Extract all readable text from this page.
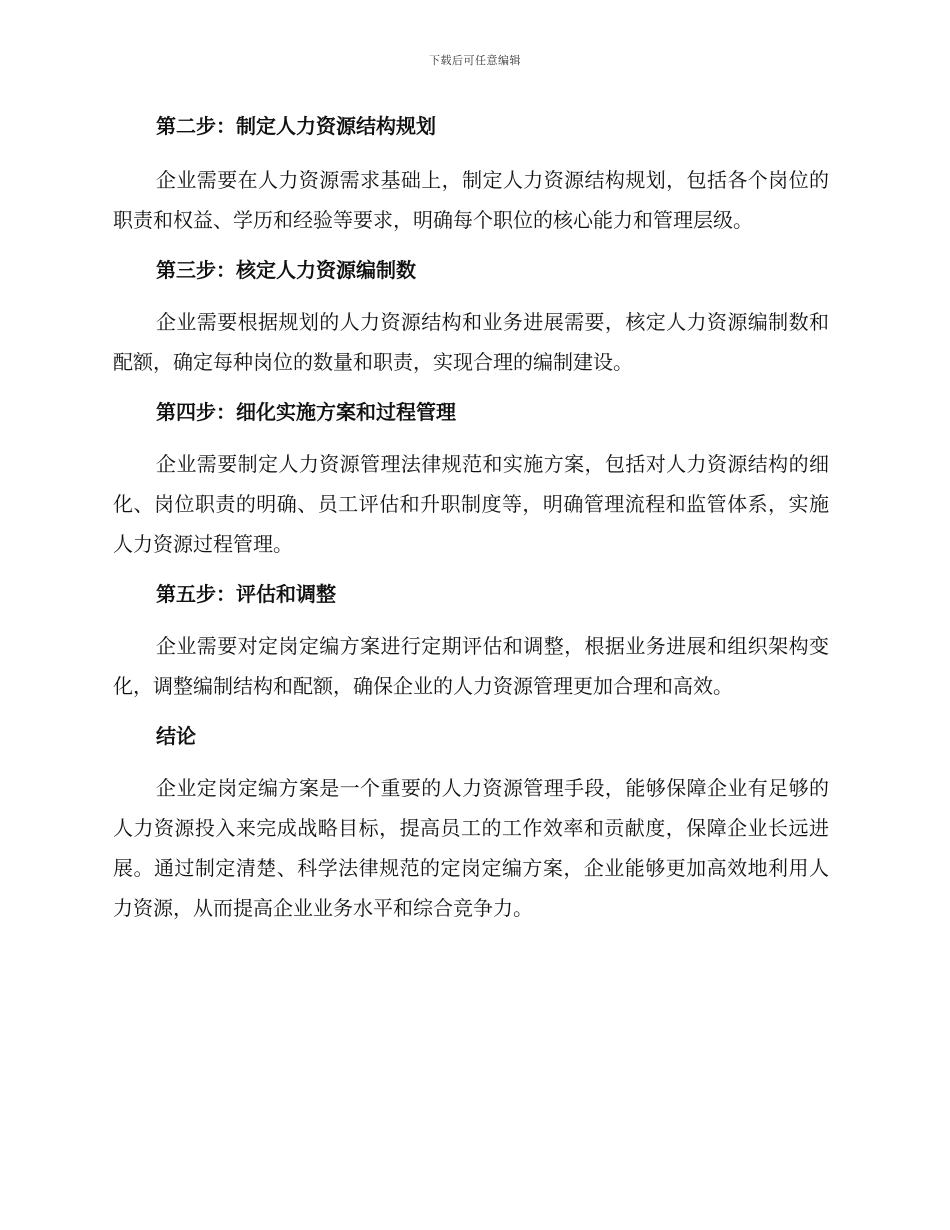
下载后可任意编辑
第二步：制定人力资源结构规划

企业需要在人力资源需求基础上，制定人力资源结构规划，包括各个岗位的职责和权益、学历和经验等要求，明确每个职位的核心能力和管理层级。

第三步：核定人力资源编制数

企业需要根据规划的人力资源结构和业务进展需要，核定人力资源编制数和配额，确定每种岗位的数量和职责，实现合理的编制建设。

第四步：细化实施方案和过程管理

企业需要制定人力资源管理法律规范和实施方案，包括对人力资源结构的细化、岗位职责的明确、员工评估和升职制度等，明确管理流程和监管体系，实施人力资源过程管理。

第五步：评估和调整

企业需要对定岗定编方案进行定期评估和调整，根据业务进展和组织架构变化，调整编制结构和配额，确保企业的人力资源管理更加合理和高效。

结论

企业定岗定编方案是一个重要的人力资源管理手段，能够保障企业有足够的人力资源投入来完成战略目标，提高员工的工作效率和贡献度，保障企业长远进展。通过制定清楚、科学法律规范的定岗定编方案，企业能够更加高效地利用人力资源，从而提高企业业务水平和综合竞争力。
